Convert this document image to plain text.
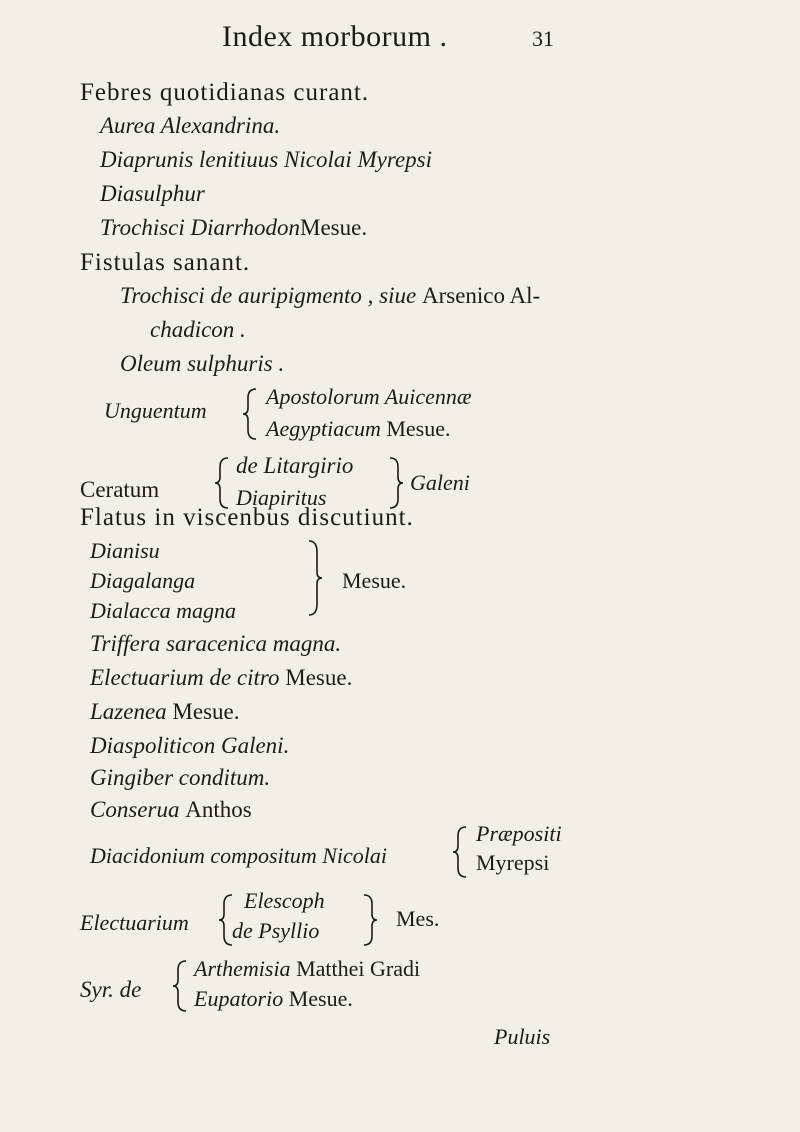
Index morborum .	31
Febres quotidianas curant.
Aurea Alexandrina.
Diaprunis lenitiuus Nicolai Myrepsi
Diasulphur
Trochisci DiarrhodonMesue.
Fistulas sanant.
Trochisci de auripigmento , siue Arsenico Al-
chadicon .
Oleum sulphuris .
Unguentum
Apostolorum Auicennæ
Aegyptiacum Mesue.
Ceratum
de Litargirio
Diapiritus
Galeni
Flatus in viscenbus discutiunt.
Dianisu
Diagalanga
Dialacca magna
Mesue.
Triffera saracenica magna.
Electuarium de citro Mesue.
Lazenea Mesue.
Diaspoliticon Galeni.
Gingiber conditum.
Conserua Anthos
Diacidonium compositum Nicolai
Præpositi
Myrepsi
Electuarium
Elescoph
de Psyllio	Mes.
Syr. de
Arthemisia Matthei Gradi
Eupatorio Mesue.
Puluis
